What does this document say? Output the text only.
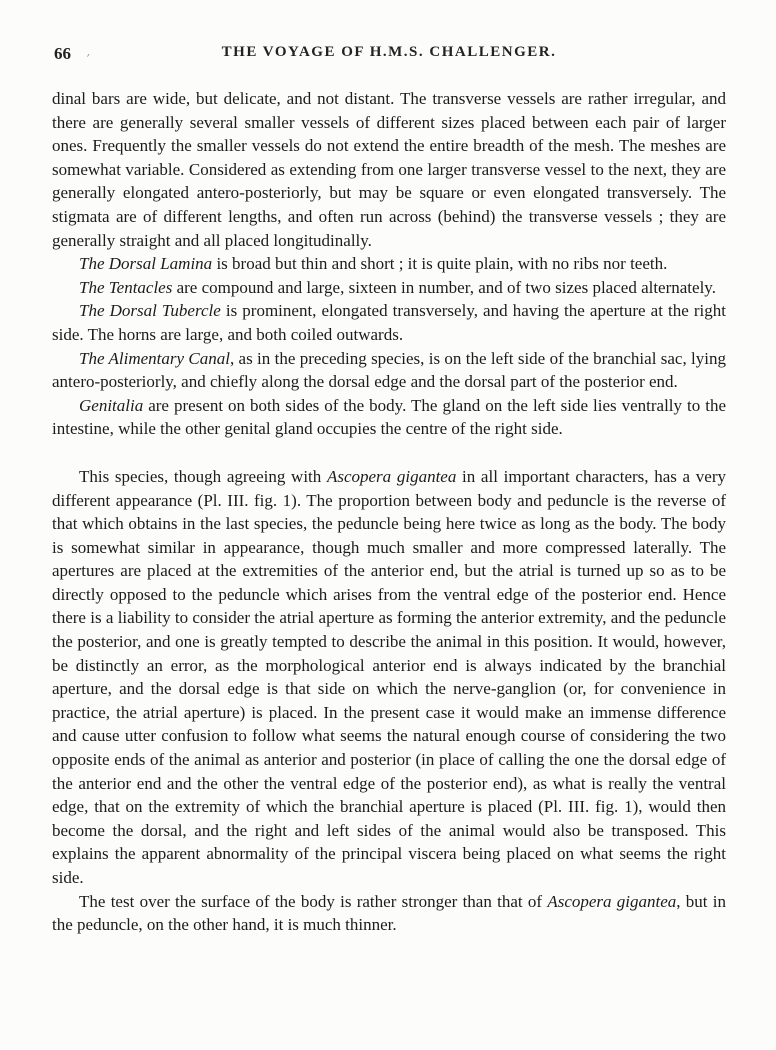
66 ʹ	THE VOYAGE OF H.M.S. CHALLENGER.

dinal bars are wide, but delicate, and not distant. The transverse vessels are rather irregular, and there are generally several smaller vessels of different sizes placed between each pair of larger ones. Frequently the smaller vessels do not extend the entire breadth of the mesh. The meshes are somewhat variable. Considered as extending from one larger transverse vessel to the next, they are generally elongated antero-posteriorly, but may be square or even elongated transversely. The stigmata are of different lengths, and often run across (behind) the transverse vessels ; they are generally straight and all placed longitudinally.

The Dorsal Lamina is broad but thin and short ; it is quite plain, with no ribs nor teeth.

The Tentacles are compound and large, sixteen in number, and of two sizes placed alternately.

The Dorsal Tubercle is prominent, elongated transversely, and having the aperture at the right side. The horns are large, and both coiled outwards.

The Alimentary Canal, as in the preceding species, is on the left side of the branchial sac, lying antero-posteriorly, and chiefly along the dorsal edge and the dorsal part of the posterior end.

Genitalia are present on both sides of the body. The gland on the left side lies ventrally to the intestine, while the other genital gland occupies the centre of the right side.

This species, though agreeing with Ascopera gigantea in all important characters, has a very different appearance (Pl. III. fig. 1). The proportion between body and peduncle is the reverse of that which obtains in the last species, the peduncle being here twice as long as the body. The body is somewhat similar in appearance, though much smaller and more compressed laterally. The apertures are placed at the extremities of the anterior end, but the atrial is turned up so as to be directly opposed to the peduncle which arises from the ventral edge of the posterior end. Hence there is a liability to consider the atrial aperture as forming the anterior extremity, and the peduncle the posterior, and one is greatly tempted to describe the animal in this position. It would, however, be distinctly an error, as the morphological anterior end is always indicated by the branchial aperture, and the dorsal edge is that side on which the nerve-ganglion (or, for convenience in practice, the atrial aperture) is placed. In the present case it would make an immense difference and cause utter confusion to follow what seems the natural enough course of considering the two opposite ends of the animal as anterior and posterior (in place of calling the one the dorsal edge of the anterior end and the other the ventral edge of the posterior end), as what is really the ventral edge, that on the extremity of which the branchial aperture is placed (Pl. III. fig. 1), would then become the dorsal, and the right and left sides of the animal would also be transposed. This explains the apparent abnormality of the principal viscera being placed on what seems the right side.

The test over the surface of the body is rather stronger than that of Ascopera gigantea, but in the peduncle, on the other hand, it is much thinner.
